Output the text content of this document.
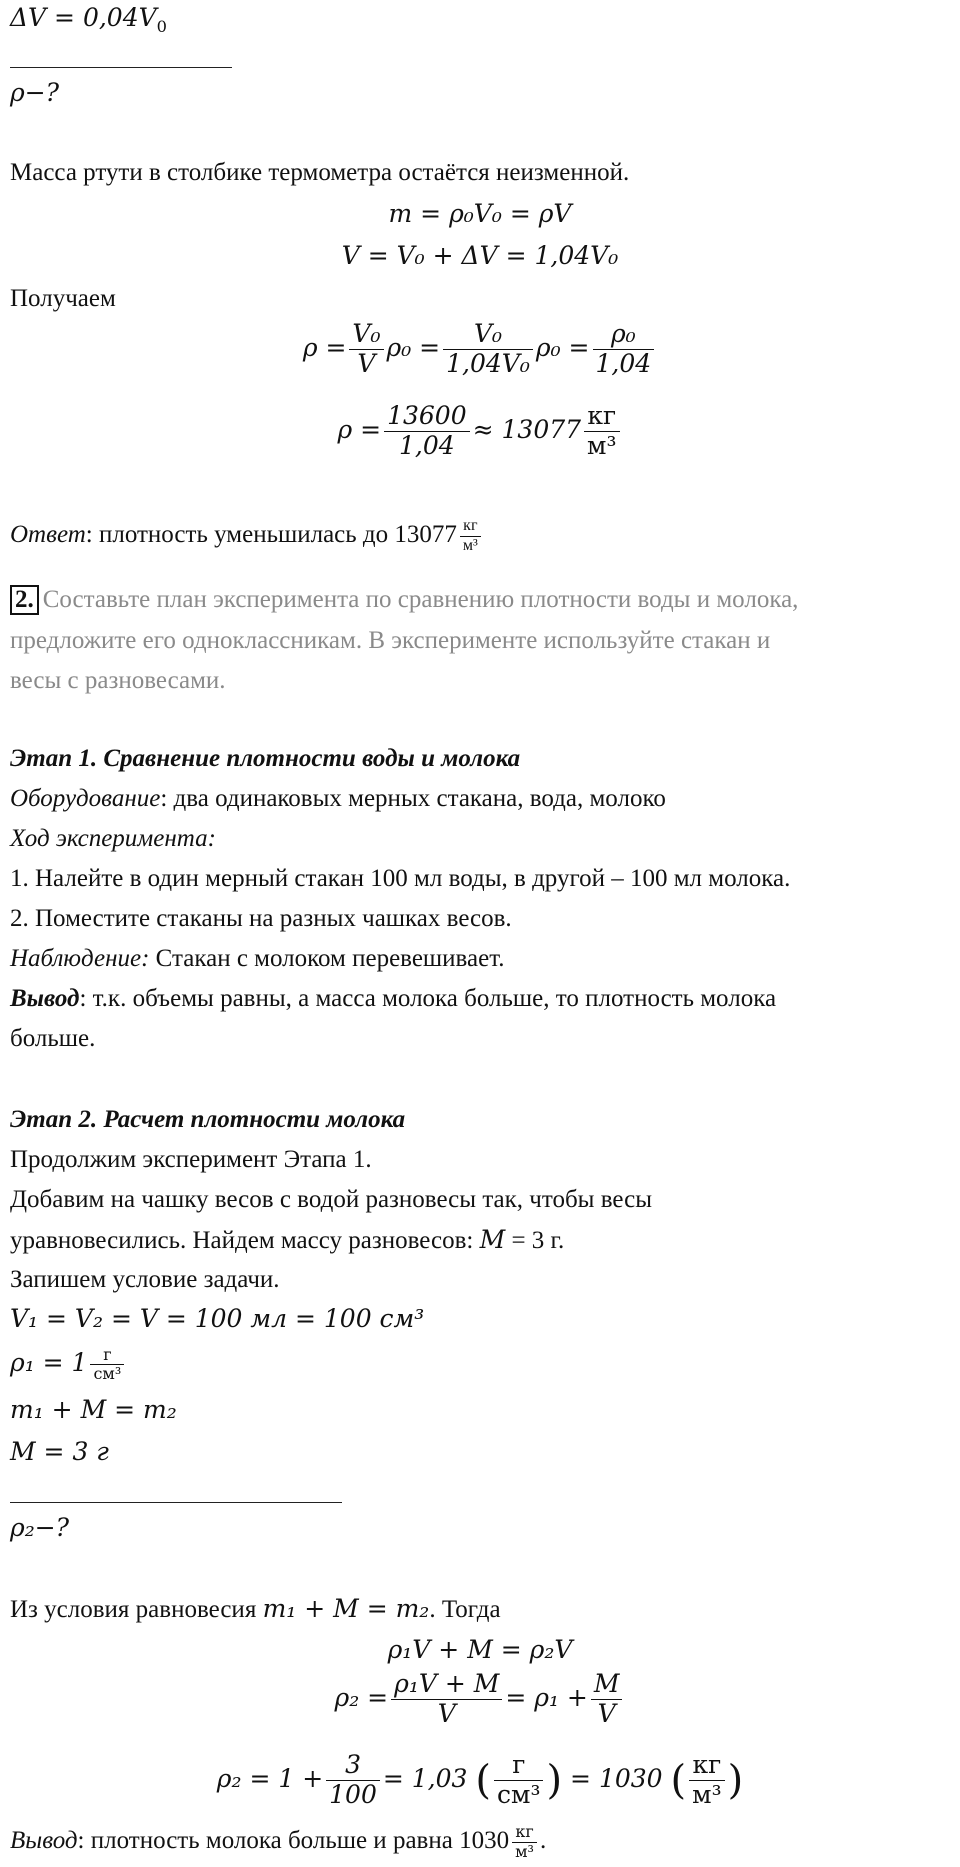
$\Delta V = 0,04V_0$
ρ−?
Масса ртути в столбике термометра остаётся неизменной.
m = ρ₀V₀ = ρV
V = V₀ + ΔV = 1,04V₀
Получаем
$\rho = \frac{\text{V₀}}{V} \rho_0 = \frac{\text{V₀}}{\text{1,04V₀}} \rho_0 = \frac{\text{ρ₀}}{1,04}$
$\rho = \frac{13600}{1,04} \approx 13077 \frac{кг}{\text{м³}}$
Ответ: плотность уменьшилась до $13077 \frac{кг}{\text{м³}}$
2. Составьте план эксперимента по сравнению плотности воды и молока,
предложите его одноклассникам. В эксперименте используйте стакан и
весы с разновесами.
Этап 1. Сравнение плотности воды и молока
Оборудование: два одинаковых мерных стакана, вода, молоко
Ход эксперимента:
1. Налейте в один мерный стакан 100 мл воды, в другой – 100 мл молока.
2. Поместите стаканы на разных чашках весов.
Наблюдение: Стакан с молоком перевешивает.
Вывод: т.к. объемы равны, а масса молока больше, то плотность молока
больше.
Этап 2. Расчет плотности молока
Продолжим эксперимент Этапа 1.
Добавим на чашку весов с водой разновесы так, чтобы весы
уравновесились. Найдем массу разновесов: M = 3 г.
Запишем условие задачи.
V₁ = V₂ = V = 100 мл = 100 см³
$\rho_1 = 1 \frac{г}{\text{см³}}$
m₁ + M = m₂
M = 3 г
ρ₂−?
Из условия равновесия m₁ + M = m₂. Тогда
ρ₁V + M = ρ₂V
$\rho_2 = \frac{\text{ρ₁V + M}}{V} = \rho_1 + \frac{M}{V}$
$\rho_2 = 1 + \frac{3}{100} = 1,03$ ( $\frac{г}{\text{см³}}$ ) = 1030 ( $\frac{кг}{\text{м³}}$ )
Вывод: плотность молока больше и равна $1030 \frac{кг}{\text{м³}}$ .
